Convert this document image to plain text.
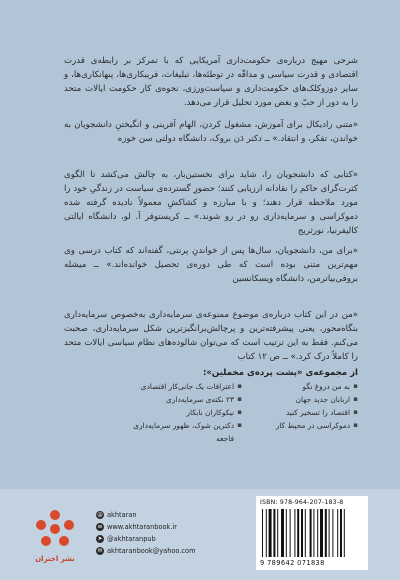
شرحی مهیج درباره‌ی حکومت‌داری آمریکایی که با تمرکز بر رابطه‌ی قدرت اقتصادی و قدرت سیاسی و مداقّه در توطئه‌ها، تبلیغات، فریبکاری‌ها، پنهانکاری‌ها، و سایر دوزوکلک‌های حکومت‌داری و سیاست‌ورزی، نحوه‌ی کار حکومت ایالات متحد را به دور از حبّ و بغض مورد تحلیل قرار می‌دهد.
«متنی رادیکال برای آموزش، مشغول کردن، الهام آفرینی و انگیختنِ دانشجویان به خواندن، تفکر، و انتقاد.» ــ دکتر دَن بروک، دانشگاه دولتی سن خوزه
«کتابی که دانشجویان را، شاید برای نخستین‌بار، به چالش می‌کشد تا الگوی کثرت‌گرای حاکم را نقادانه ارزیابی کنند؛ حضورِ گسترده‌ی سیاست در زندگیِ خود را مورد ملاحظه قرار دهند؛ و با مبارزه و کشاکشِ معمولاً نادیده گرفته شده دموکراسی و سرمایه‌داری رو در رو شوند.» ــ کریستوفر آ. لو، دانشگاه ایالتی کالیفرنیا، نورثریج
«برای من، دانشجویان، سال‌ها پس از خواندنِ پرنتی، گفته‌اند که کتاب درسی وی مهم‌ترین متنی بوده است که طی دوره‌ی تحصیل خوانده‌اند.» ــ میشله بروفی‌بیاترمن، دانشگاه ویسکانسین
«من در این کتاب درباره‌ی موضوع ممنوعه‌ی سرمایه‌داری به‌خصوص سرمایه‌داری بنگاه‌محور، یعنی پیشرفته‌ترین و پرچالش‌برانگیزترین شکل سرمایه‌داری، صحبت می‌کنم. فقط به این ترتیب است که می‌توان شالوده‌های نظام سیاسی ایالات متحد را کاملاً درک کرد.» ــ ص ۱۲ کتاب
از مجموعه‌ی «پشت پرده‌ی مخملین»:
▪ به من دروغ نگو
▪ اربابان جدید جهان
▪ اقتصاد را تسخیر کنید
▪ دموکراسی در محیط کار
▪ اعترافات یک جانی‌کار اقتصادی
▪ ۲۳ نکته‌ی سرمایه‌داری
▪ نیکوکاران نابکار
▪ دکترین شوک، ظهور سرمایه‌داری فاجعه
نشر اختران
@ akhtaran
w www.akhtaranbook.ir
➤ @akhtaranpub
✉ akhtaranbook@yahoo.com
ISBN: 978-964-207-183-8
9 789642 071838
